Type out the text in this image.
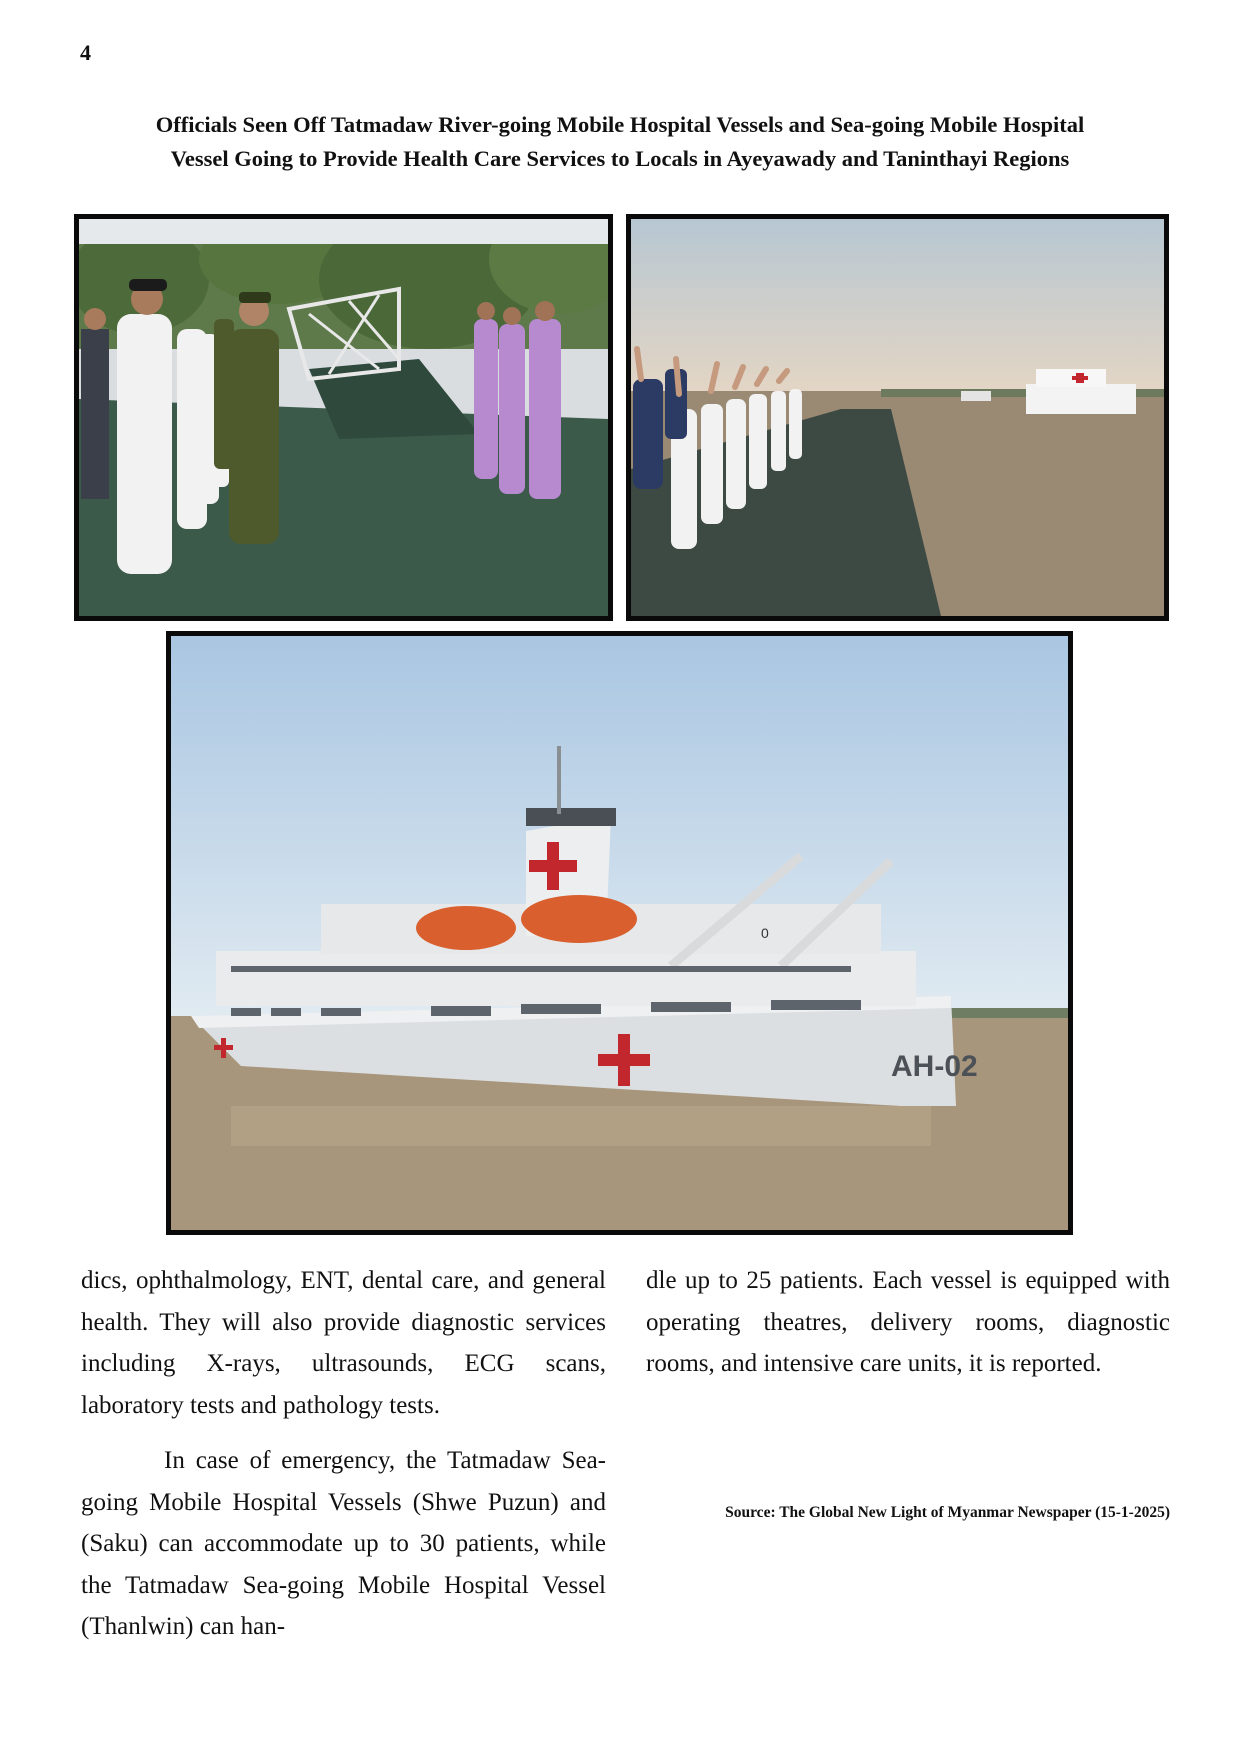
4
Officials Seen Off Tatmadaw River-going Mobile Hospital Vessels and Sea-going Mobile Hospital
Vessel Going to Provide Health Care Services to Locals in Ayeyawady and Taninthayi Regions
AH-02
0

dics, ophthalmology, ENT, dental care, and general health. They will also provide diagnostic services including X-rays, ultrasounds, ECG scans, laboratory tests and pathology tests.

In case of emergency, the Tatmadaw Sea-going Mobile Hospital Vessels (Shwe Puzun) and (Saku) can accommodate up to 30 patients, while the Tatmadaw Sea-going Mobile Hospital Vessel (Thanlwin) can han-

dle up to 25 patients. Each vessel is equipped with operating theatres, delivery rooms, diagnostic rooms, and intensive care units, it is reported.

Source: The Global New Light of Myanmar Newspaper (15-1-2025)
